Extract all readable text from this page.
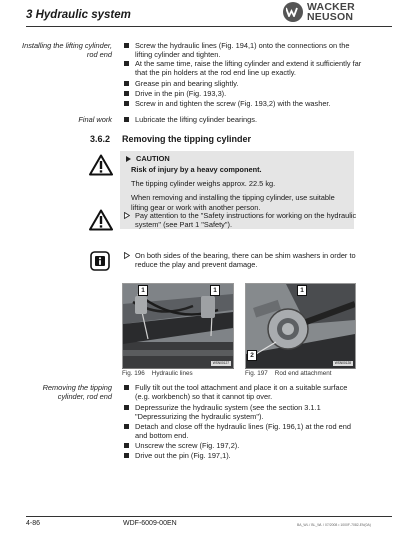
3 Hydraulic system
WACKER
NEUSON
Installing the lifting cylinder,
rod end
Screw the hydraulic lines (Fig. 194,1) onto the connections on the lifting cylinder and tighten.
At the same time, raise the lifting cylinder and extend it sufficiently far that the pin holders at the rod end line up exactly.
Grease pin and bearing slightly.
Drive in the pin (Fig. 193,3).
Screw in and tighten the screw (Fig. 193,2) with the washer.
Final work	Lubricate the lifting cylinder bearings.
3.6.2 Removing the tipping cylinder
CAUTION
Risk of injury by a heavy component.
The tipping cylinder weighs approx. 22.5 kg.
When removing and installing the tipping cylinder, use suitable lifting gear or work with another person.
Pay attention to the "Safety instructions for working on the hydraulic system" (see Part 1 "Safety").
On both sides of the bearing, there can be shim washers in order to reduce the play and prevent damage.
1	1
WSN00127
Fig. 196 Hydraulic lines
1
2
WSN00128
Fig. 197 Rod end attachment
Removing the tipping
cylinder, rod end
Fully tilt out the tool attachment and place it on a suitable surface (e.g. workbench) so that it cannot tip over.
Depressurize the hydraulic system (see the section 3.1.1 "Depressurizing the hydraulic system").
Detach and close off the hydraulic lines (Fig. 196,1) at the rod end and bottom end.
Unscrew the screw (Fig. 197,2).
Drive out the pin (Fig. 197,1).
4-86	WDF-6009-00EN	BA_WL / BL_WL / 07/2008 • 1000F-7082-EN(0A)
